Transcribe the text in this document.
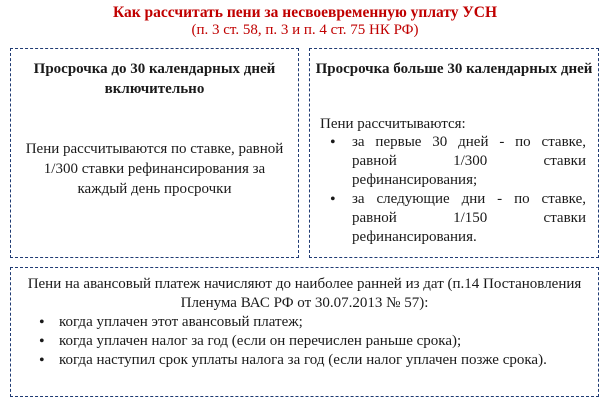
Как рассчитать пени за несвоевременную уплату УСН
(п. 3 ст. 58, п. 3 и п. 4 ст. 75 НК РФ)
Просрочка до 30 календарных дней включительно
Пени рассчитываются по ставке, равной 1/300 ставки рефинансирования за каждый день просрочки
Просрочка больше 30 календарных дней
Пени рассчитываются:
• за первые 30 дней - по ставке, равной 1/300 ставки рефинансирования;
• за следующие дни - по ставке, равной 1/150 ставки рефинансирования.
Пени на авансовый платеж начисляют до наиболее ранней из дат (п.14 Постановления Пленума ВАС РФ от 30.07.2013 № 57):
• когда уплачен этот авансовый платеж;
• когда уплачен налог за год (если он перечислен раньше срока);
• когда наступил срок уплаты налога за год (если налог уплачен позже срока).
